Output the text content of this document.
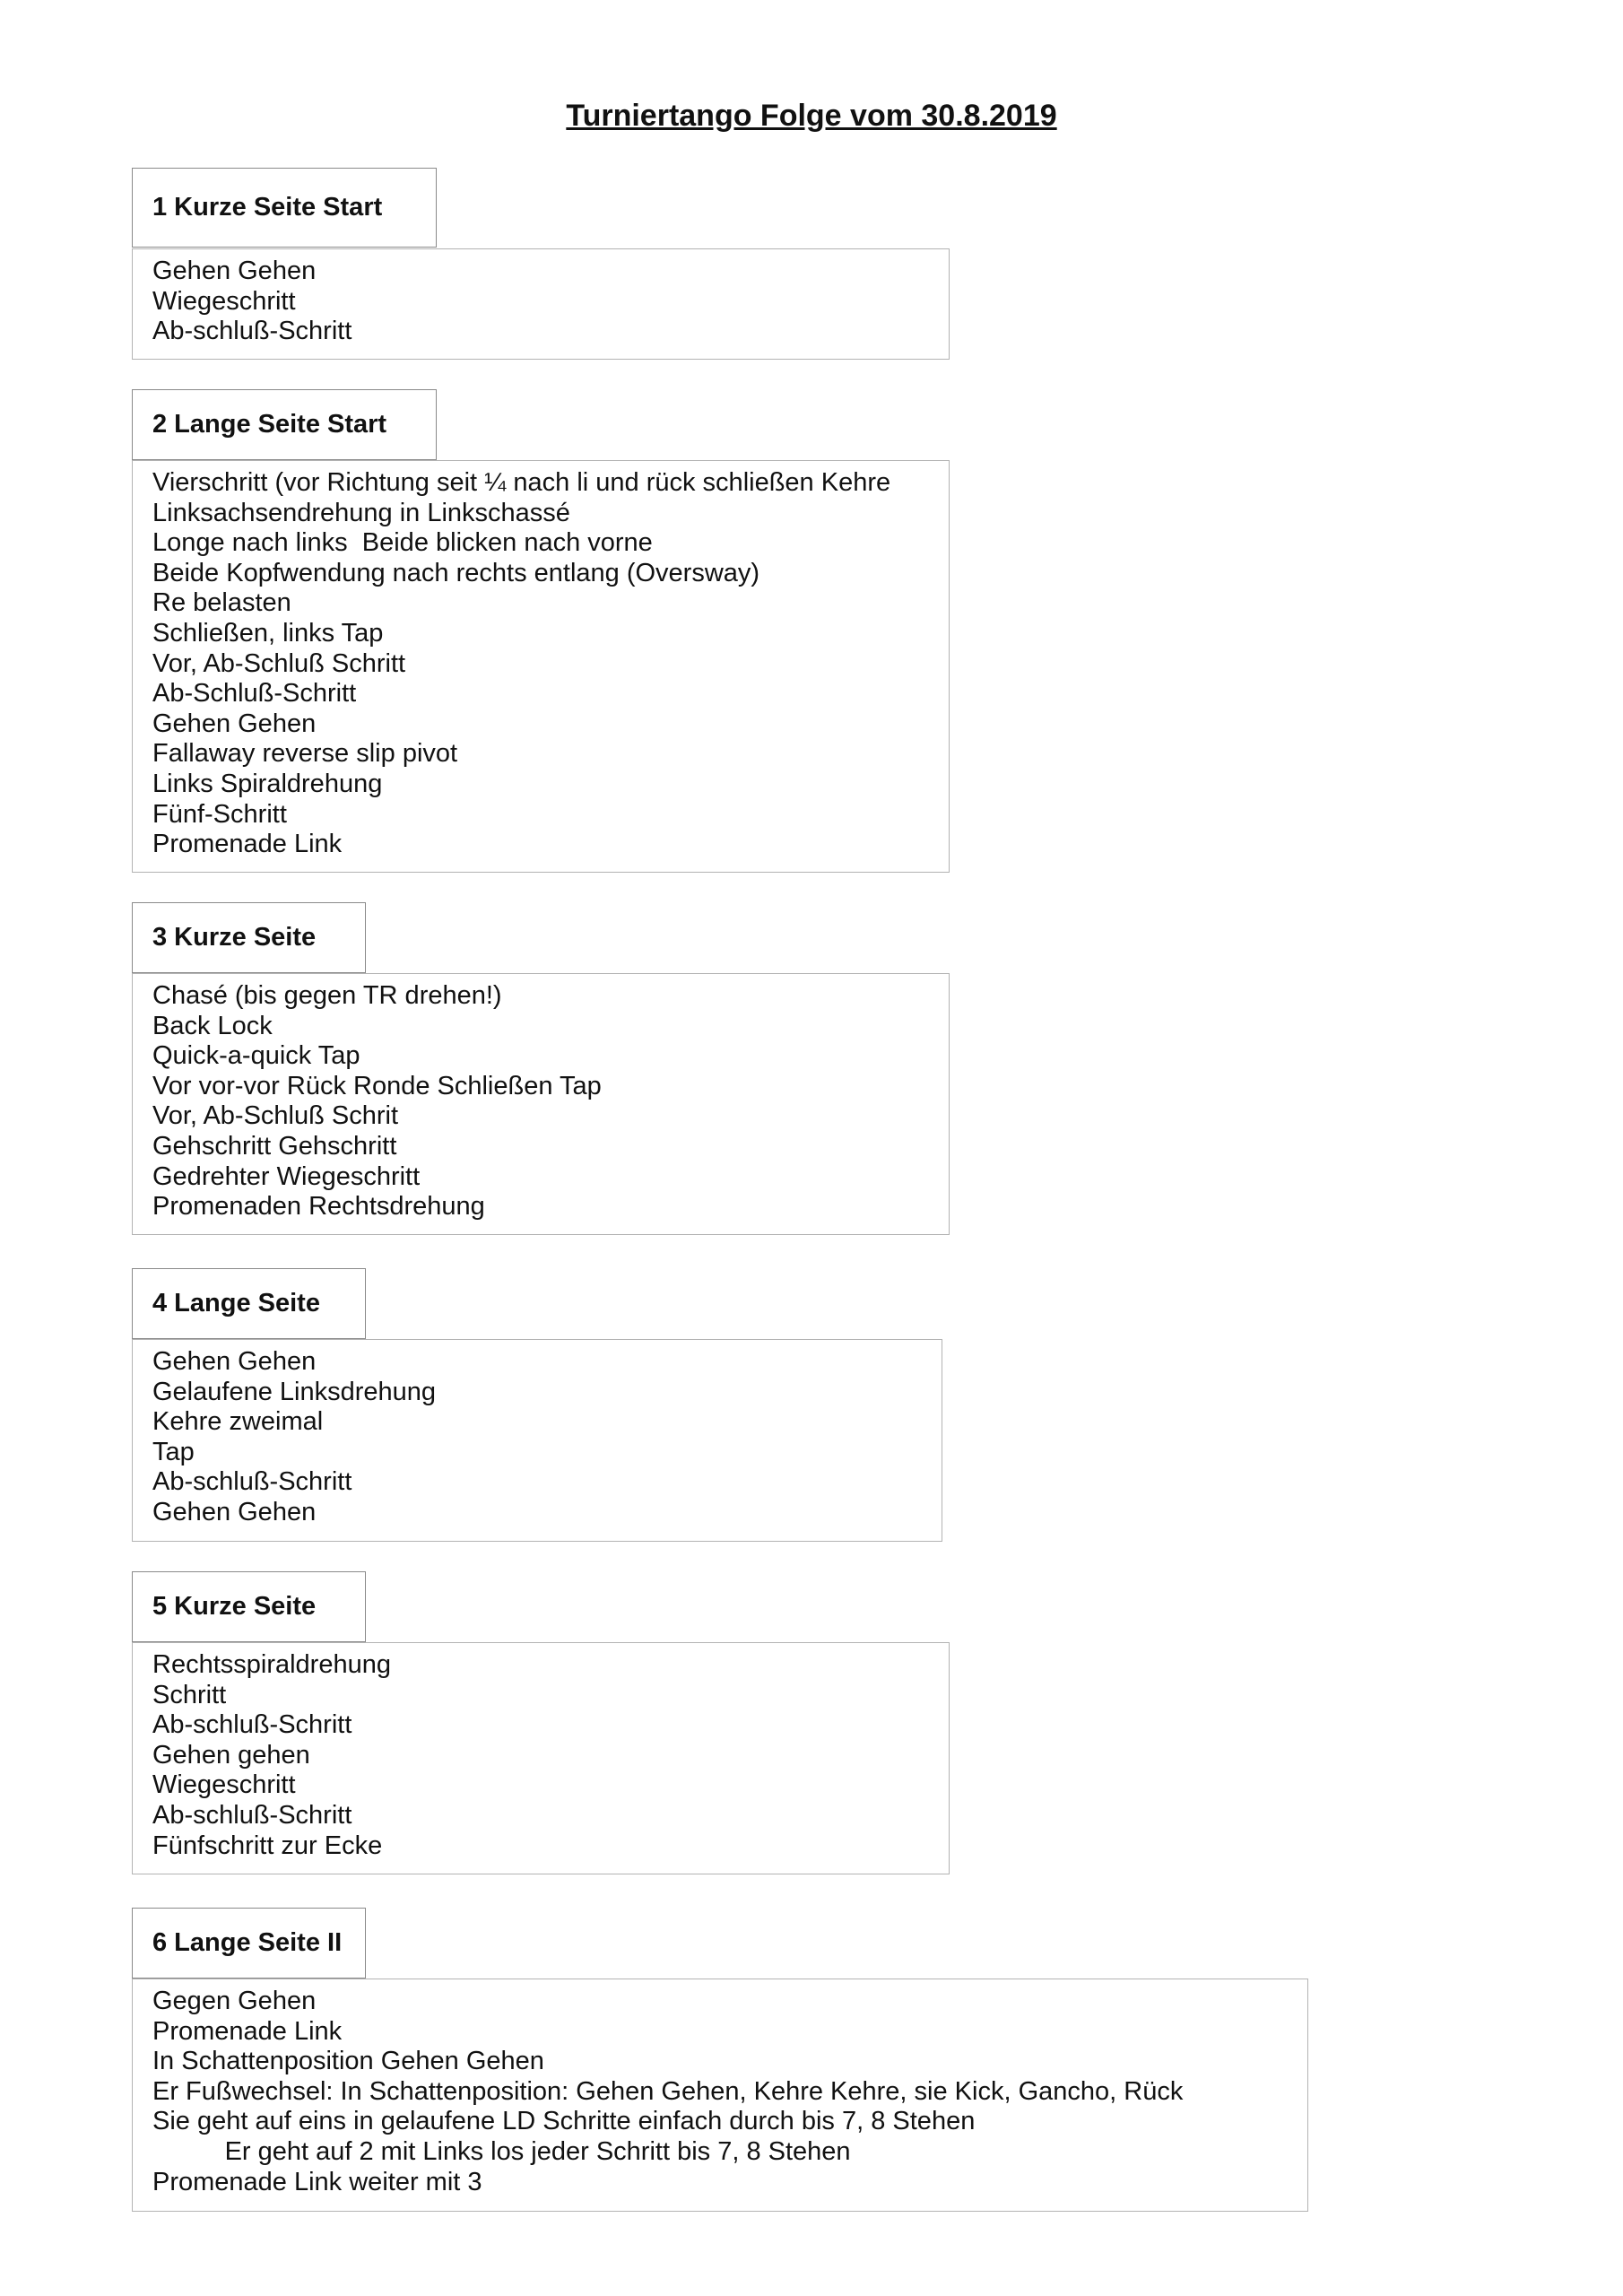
Turniertango Folge vom 30.8.2019
1 Kurze Seite Start
Gehen Gehen
Wiegeschritt
Ab-schluß-Schritt
2 Lange Seite Start
Vierschritt (vor Richtung seit ¼ nach li und rück schließen Kehre
Linksachsendrehung in Linkschassé
Longe nach links  Beide blicken nach vorne
Beide Kopfwendung nach rechts entlang (Oversway)
Re belasten
Schließen, links Tap
Vor, Ab-Schluß Schritt
Ab-Schluß-Schritt
Gehen Gehen
Fallaway reverse slip pivot
Links Spiraldrehung
Fünf-Schritt
Promenade Link
3 Kurze Seite
Chasé (bis gegen TR drehen!)
Back Lock
Quick-a-quick Tap
Vor vor-vor Rück Ronde Schließen Tap
Vor, Ab-Schluß Schrit
Gehschritt Gehschritt
Gedrehter Wiegeschritt
Promenaden Rechtsdrehung
4 Lange Seite
Gehen Gehen
Gelaufene Linksdrehung
Kehre zweimal
Tap
Ab-schluß-Schritt
Gehen Gehen
5 Kurze Seite
Rechtsspiraldrehung
Schritt
Ab-schluß-Schritt
Gehen gehen
Wiegeschritt
Ab-schluß-Schritt
Fünfschritt zur Ecke
6 Lange Seite II
Gegen Gehen
Promenade Link
In Schattenposition Gehen Gehen
Er Fußwechsel: In Schattenposition: Gehen Gehen, Kehre Kehre, sie Kick, Gancho, Rück
Sie geht auf eins in gelaufene LD Schritte einfach durch bis 7, 8 Stehen
Er geht auf 2 mit Links los jeder Schritt bis 7, 8 Stehen
Promenade Link weiter mit 3
